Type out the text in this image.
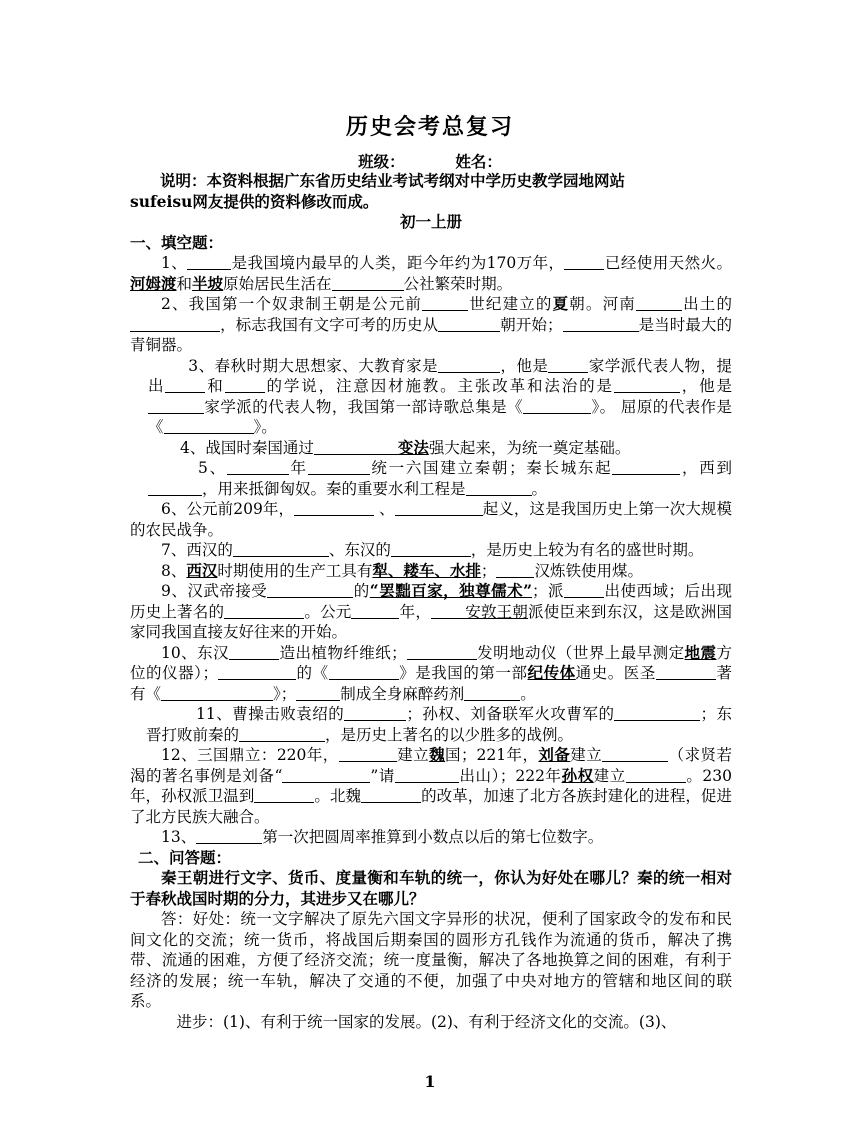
历史会考总复习
班级：	姓名：

说明：本资料根据广东省历史结业考试考纲对中学历史教学园地网站

sufeisu网友提供的资料修改而成。

初一上册

一、填空题：

1、	是我国境内最早的人类，距今年约为170万年，	已经使用天然火。河姆渡和半坡原始居民生活在	公社繁荣时期。

2、我国第一个奴隶制王朝是公元前	世纪建立的夏朝。河南	出土的，标志我国有文字可考的历史从	朝开始；	是当时最大的青铜器。

3、春秋时期大思想家、大教育家是	，他是	家学派代表人物，提出	和	的学说，注意因材施教。主张改革和法治的是	，他是家学派的代表人物，我国第一部诗歌总集是《	》。 屈原的代表作是《	》。

4、战国时秦国通过	变法强大起来，为统一奠定基础。

5、	年	统一六国建立秦朝；秦长城东起	，西到，用来抵御匈奴。秦的重要水利工程是	。

6、公元前209年，	、	起义，这是我国历史上第一次大规模的农民战争。

7、西汉的	、东汉的	，是历史上较为有名的盛世时期。

8、西汉时期使用的生产工具有犁、耧车、水排； 汉炼铁使用煤。

9、汉武帝接受	的“罢黜百家，独尊儒术”；派	出使西域；后出现历史上著名的	。公元	年， 安敦王朝派使臣来到东汉，这是欧洲国家同我国直接友好往来的开始。

10、东汉	造出植物纤维纸；	发明地动仪（世界上最早测定地震方位的仪器）；	的《	》是我国的第一部纪传体通史。医圣	著有《	》；	制成全身麻醉药剂	。

11、曹操击败袁绍的	；孙权、刘备联军火攻曹军的	；东晋打败前秦的	，是历史上著名的以少胜多的战例。

12、三国鼎立：220年，	建立魏国；221年，刘备建立	（求贤若渴的著名事例是刘备“	”请	出山）；222年孙权建立	。230年，孙权派卫温到	。北魏	的改革，加速了北方各族封建化的进程，促进了北方民族大融合。

13、	第一次把圆周率推算到小数点以后的第七位数字。

二、问答题：

秦王朝进行文字、货币、度量衡和车轨的统一，你认为好处在哪儿？秦的统一相对于春秋战国时期的分力，其进步又在哪儿？

答：好处：统一文字解决了原先六国文字异形的状况，便利了国家政令的发布和民间文化的交流；统一货币，将战国后期秦国的圆形方孔钱作为流通的货币，解决了携带、流通的困难，方便了经济交流；统一度量衡，解决了各地换算之间的困难，有利于经济的发展；统一车轨，解决了交通的不便，加强了中央对地方的管辖和地区间的联系。

进步：(1)、有利于统一国家的发展。(2)、有利于经济文化的交流。(3)、

1
